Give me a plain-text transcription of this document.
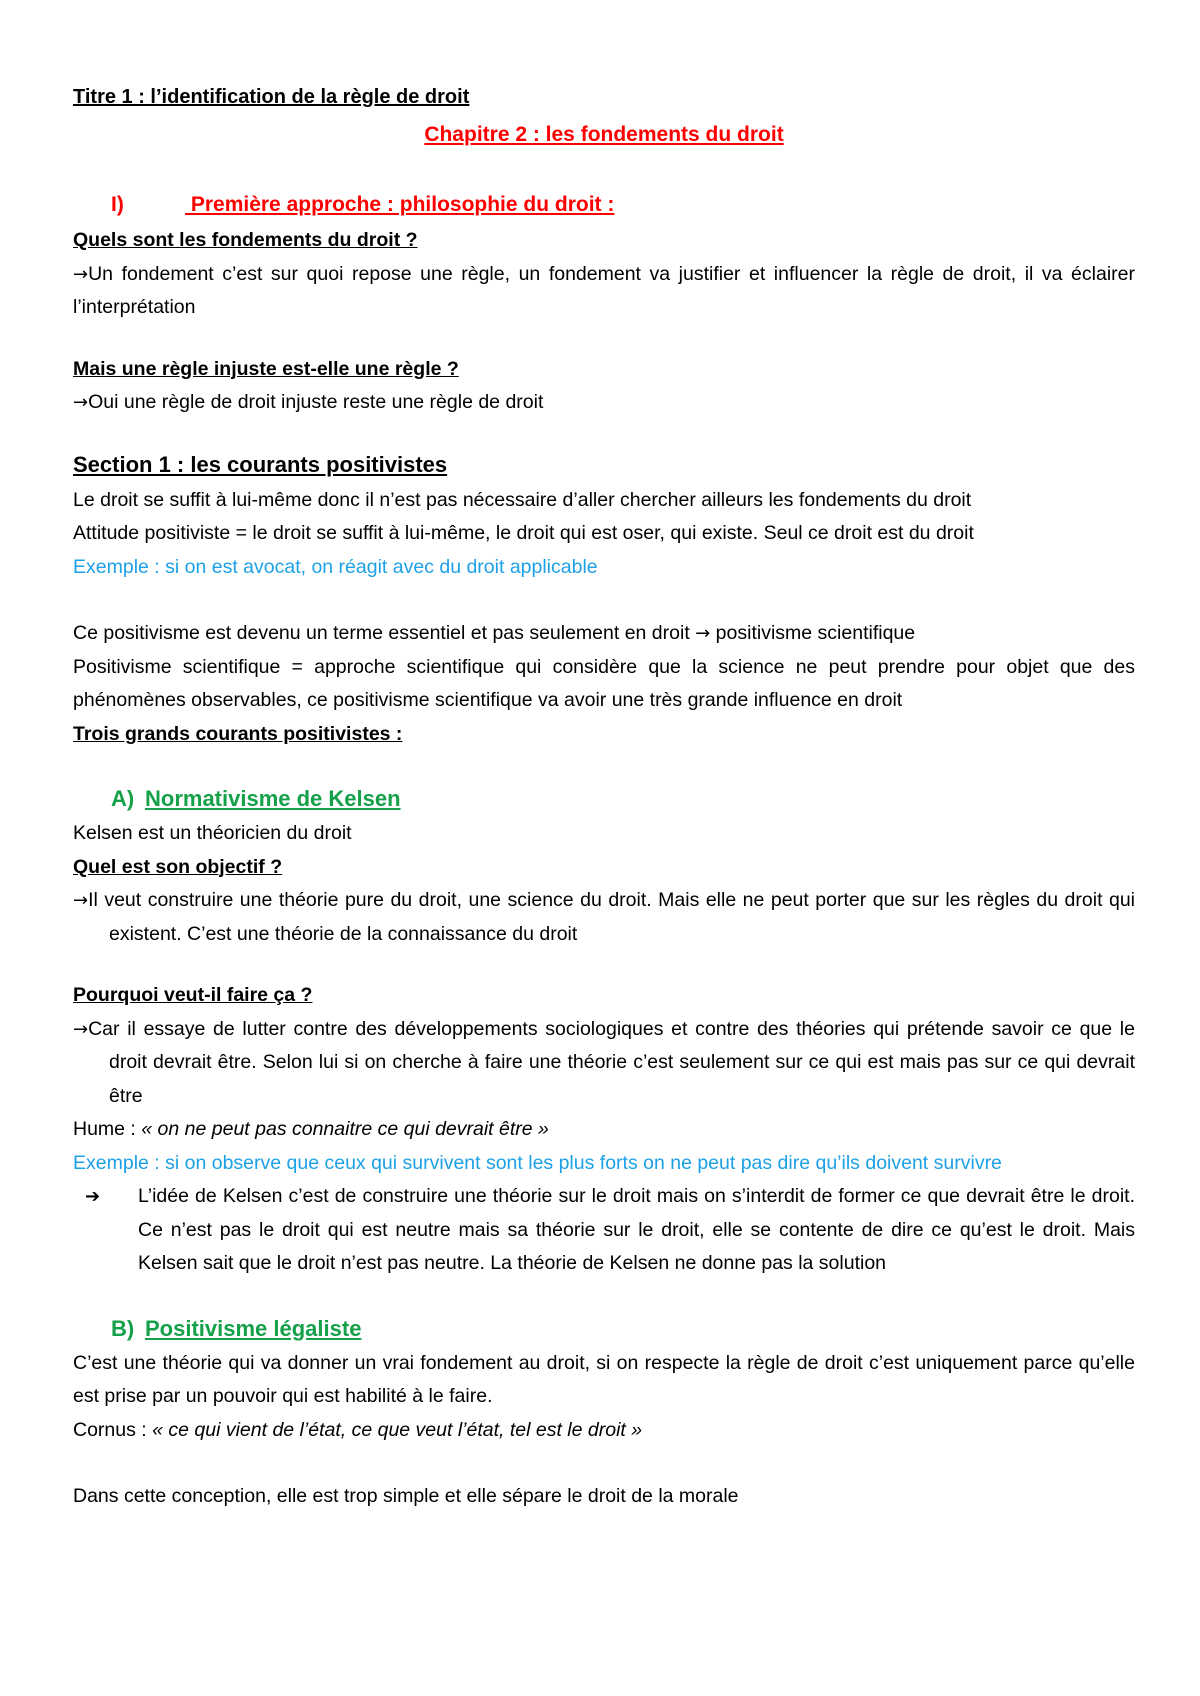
Titre 1 : l’identification de la règle de droit
Chapitre 2 : les fondements du droit
I)	Première approche : philosophie du droit :
Quels sont les fondements du droit ?
→Un fondement c’est sur quoi repose une règle, un fondement va justifier et influencer la règle de droit, il va éclairer l’interprétation
Mais une règle injuste est-elle une règle ?
→Oui une règle de droit injuste reste une règle de droit
Section 1 : les courants positivistes
Le droit se suffit à lui-même donc il n’est pas nécessaire d’aller chercher ailleurs les fondements du droit
Attitude positiviste = le droit se suffit à lui-même, le droit qui est oser, qui existe. Seul ce droit est du droit
Exemple : si on est avocat, on réagit avec du droit applicable
Ce positivisme est devenu un terme essentiel et pas seulement en droit → positivisme scientifique
Positivisme scientifique = approche scientifique qui considère que la science ne peut prendre pour objet que des phénomènes observables, ce positivisme scientifique va avoir une très grande influence en droit
Trois grands courants positivistes :
A) Normativisme de Kelsen
Kelsen est un théoricien du droit
Quel est son objectif ?
→Il veut construire une théorie pure du droit, une science du droit. Mais elle ne peut porter que sur les règles du droit qui existent. C’est une théorie de la connaissance du droit
Pourquoi veut-il faire ça ?
→Car il essaye de lutter contre des développements sociologiques et contre des théories qui prétende savoir ce que le droit devrait être. Selon lui si on cherche à faire une théorie c’est seulement sur ce qui est mais pas sur ce qui devrait être
Hume : « on ne peut pas connaitre ce qui devrait être »
Exemple : si on observe que ceux qui survivent sont les plus forts on ne peut pas dire qu’ils doivent survivre
➔ L’idée de Kelsen c’est de construire une théorie sur le droit mais on s’interdit de former ce que devrait être le droit. Ce n’est pas le droit qui est neutre mais sa théorie sur le droit, elle se contente de dire ce qu’est le droit. Mais Kelsen sait que le droit n’est pas neutre. La théorie de Kelsen ne donne pas la solution
B) Positivisme légaliste
C’est une théorie qui va donner un vrai fondement au droit, si on respecte la règle de droit c’est uniquement parce qu’elle est prise par un pouvoir qui est habilité à le faire.
Cornus : « ce qui vient de l’état, ce que veut l’état, tel est le droit »
Dans cette conception, elle est trop simple et elle sépare le droit de la morale
